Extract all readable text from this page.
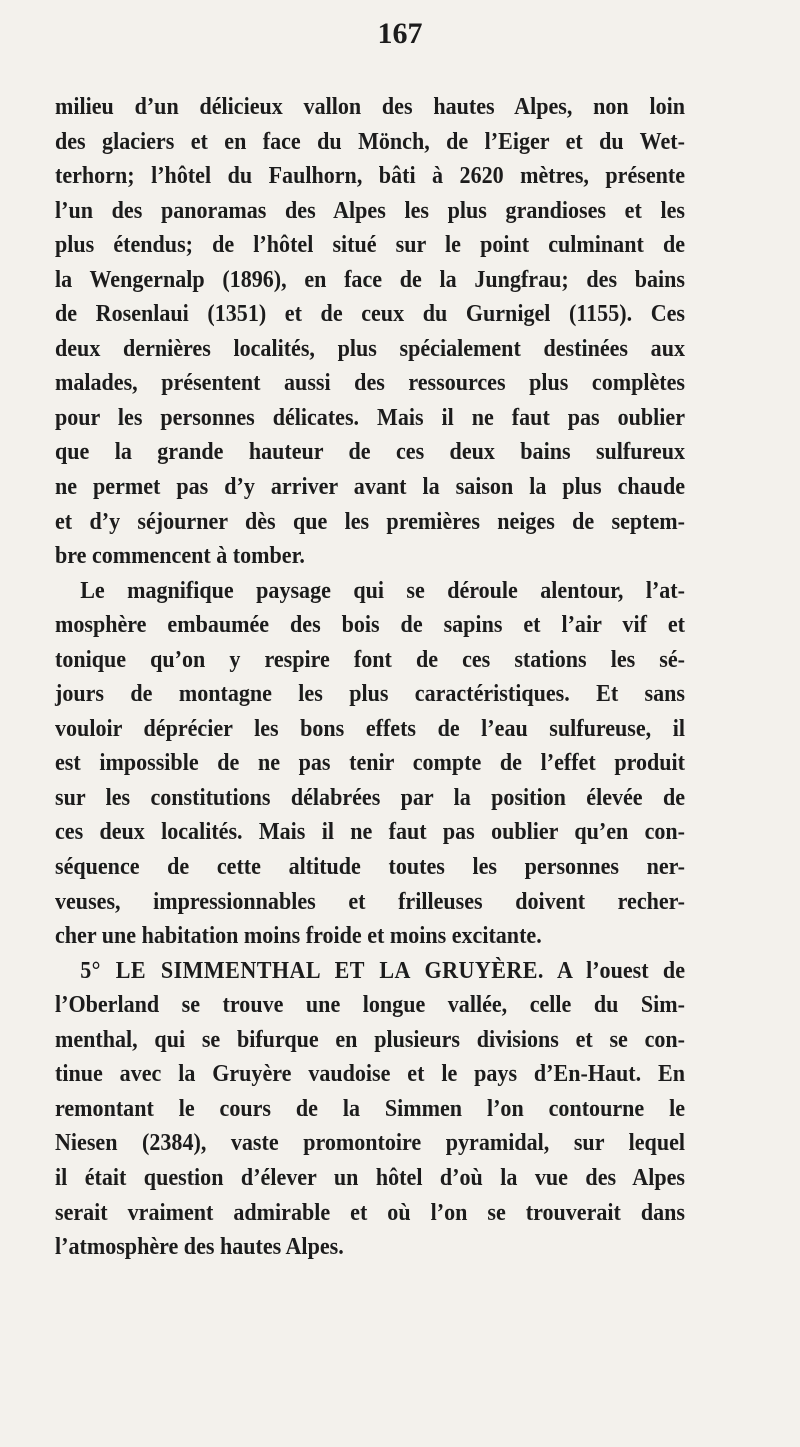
167
milieu d’un délicieux vallon des hautes Alpes, non loin
des glaciers et en face du Mönch, de l’Eiger et du Wet-
terhorn; l’hôtel du Faulhorn, bâti à 2620 mètres, présente
l’un des panoramas des Alpes les plus grandioses et les
plus étendus; de l’hôtel situé sur le point culminant de
la Wengernalp (1896), en face de la Jungfrau; des bains
de Rosenlaui (1351) et de ceux du Gurnigel (1155). Ces
deux dernières localités, plus spécialement destinées aux
malades, présentent aussi des ressources plus complètes
pour les personnes délicates. Mais il ne faut pas oublier
que la grande hauteur de ces deux bains sulfureux
ne permet pas d’y arriver avant la saison la plus chaude
et d’y séjourner dès que les premières neiges de septem-
bre commencent à tomber.
Le magnifique paysage qui se déroule alentour, l’at-
mosphère embaumée des bois de sapins et l’air vif et
tonique qu’on y respire font de ces stations les sé-
jours de montagne les plus caractéristiques. Et sans
vouloir déprécier les bons effets de l’eau sulfureuse, il
est impossible de ne pas tenir compte de l’effet produit
sur les constitutions délabrées par la position élevée de
ces deux localités. Mais il ne faut pas oublier qu’en con-
séquence de cette altitude toutes les personnes ner-
veuses, impressionnables et frilleuses doivent recher-
cher une habitation moins froide et moins excitante.
5° LE SIMMENTHAL ET LA GRUYÈRE. A l’ouest de
l’Oberland se trouve une longue vallée, celle du Sim-
menthal, qui se bifurque en plusieurs divisions et se con-
tinue avec la Gruyère vaudoise et le pays d’En-Haut. En
remontant le cours de la Simmen l’on contourne le
Niesen (2384), vaste promontoire pyramidal, sur lequel
il était question d’élever un hôtel d’où la vue des Alpes
serait vraiment admirable et où l’on se trouverait dans
l’atmosphère des hautes Alpes.
